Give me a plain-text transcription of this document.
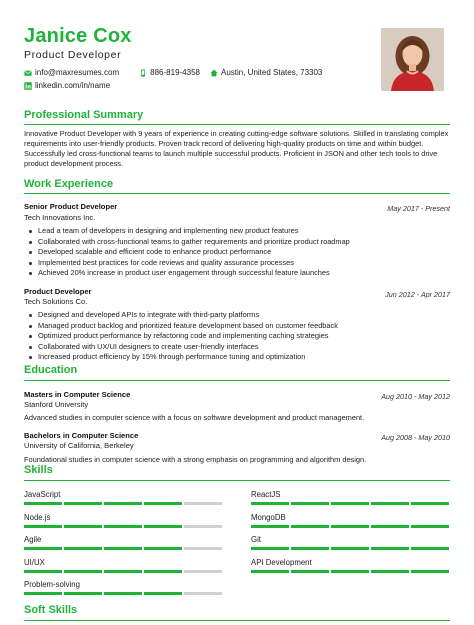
Janice Cox
Product Developer
info@maxresumes.com	886-819-4358	Austin, United States, 73303
linkedin.com/in/name
Professional Summary
Innovative Product Developer with 9 years of experience in creating cutting-edge software solutions. Skilled in translating complex requirements into user-friendly products. Proven track record of delivering high-quality products on time and within budget. Successfully led cross-functional teams to launch multiple successful products. Proficient in JSON and other tech tools to drive product development process.
Work Experience
Senior Product Developer	May 2017 - Present
Tech Innovations Inc.
Lead a team of developers in designing and implementing new product features
Collaborated with cross-functional teams to gather requirements and prioritize product roadmap
Developed scalable and efficient code to enhance product performance
Implemented best practices for code reviews and quality assurance processes
Achieved 20% increase in product user engagement through successful feature launches
Product Developer	Jun 2012 - Apr 2017
Tech Solutions Co.
Designed and developed APIs to integrate with third-party platforms
Managed product backlog and prioritized feature development based on customer feedback
Optimized product performance by refactoring code and implementing caching strategies
Collaborated with UX/UI designers to create user-friendly interfaces
Increased product efficiency by 15% through performance tuning and optimization
Education
Masters in Computer Science	Aug 2010 - May 2012
Stanford University
Advanced studies in computer science with a focus on software development and product management.
Bachelors in Computer Science	Aug 2008 - May 2010
University of California, Berkeley
Foundational studies in computer science with a strong emphasis on programming and algorithm design.
Skills
JavaScript	ReactJS
Node.js	MongoDB
Agile	Git
UI/UX	API Development
Problem-solving
Soft Skills
